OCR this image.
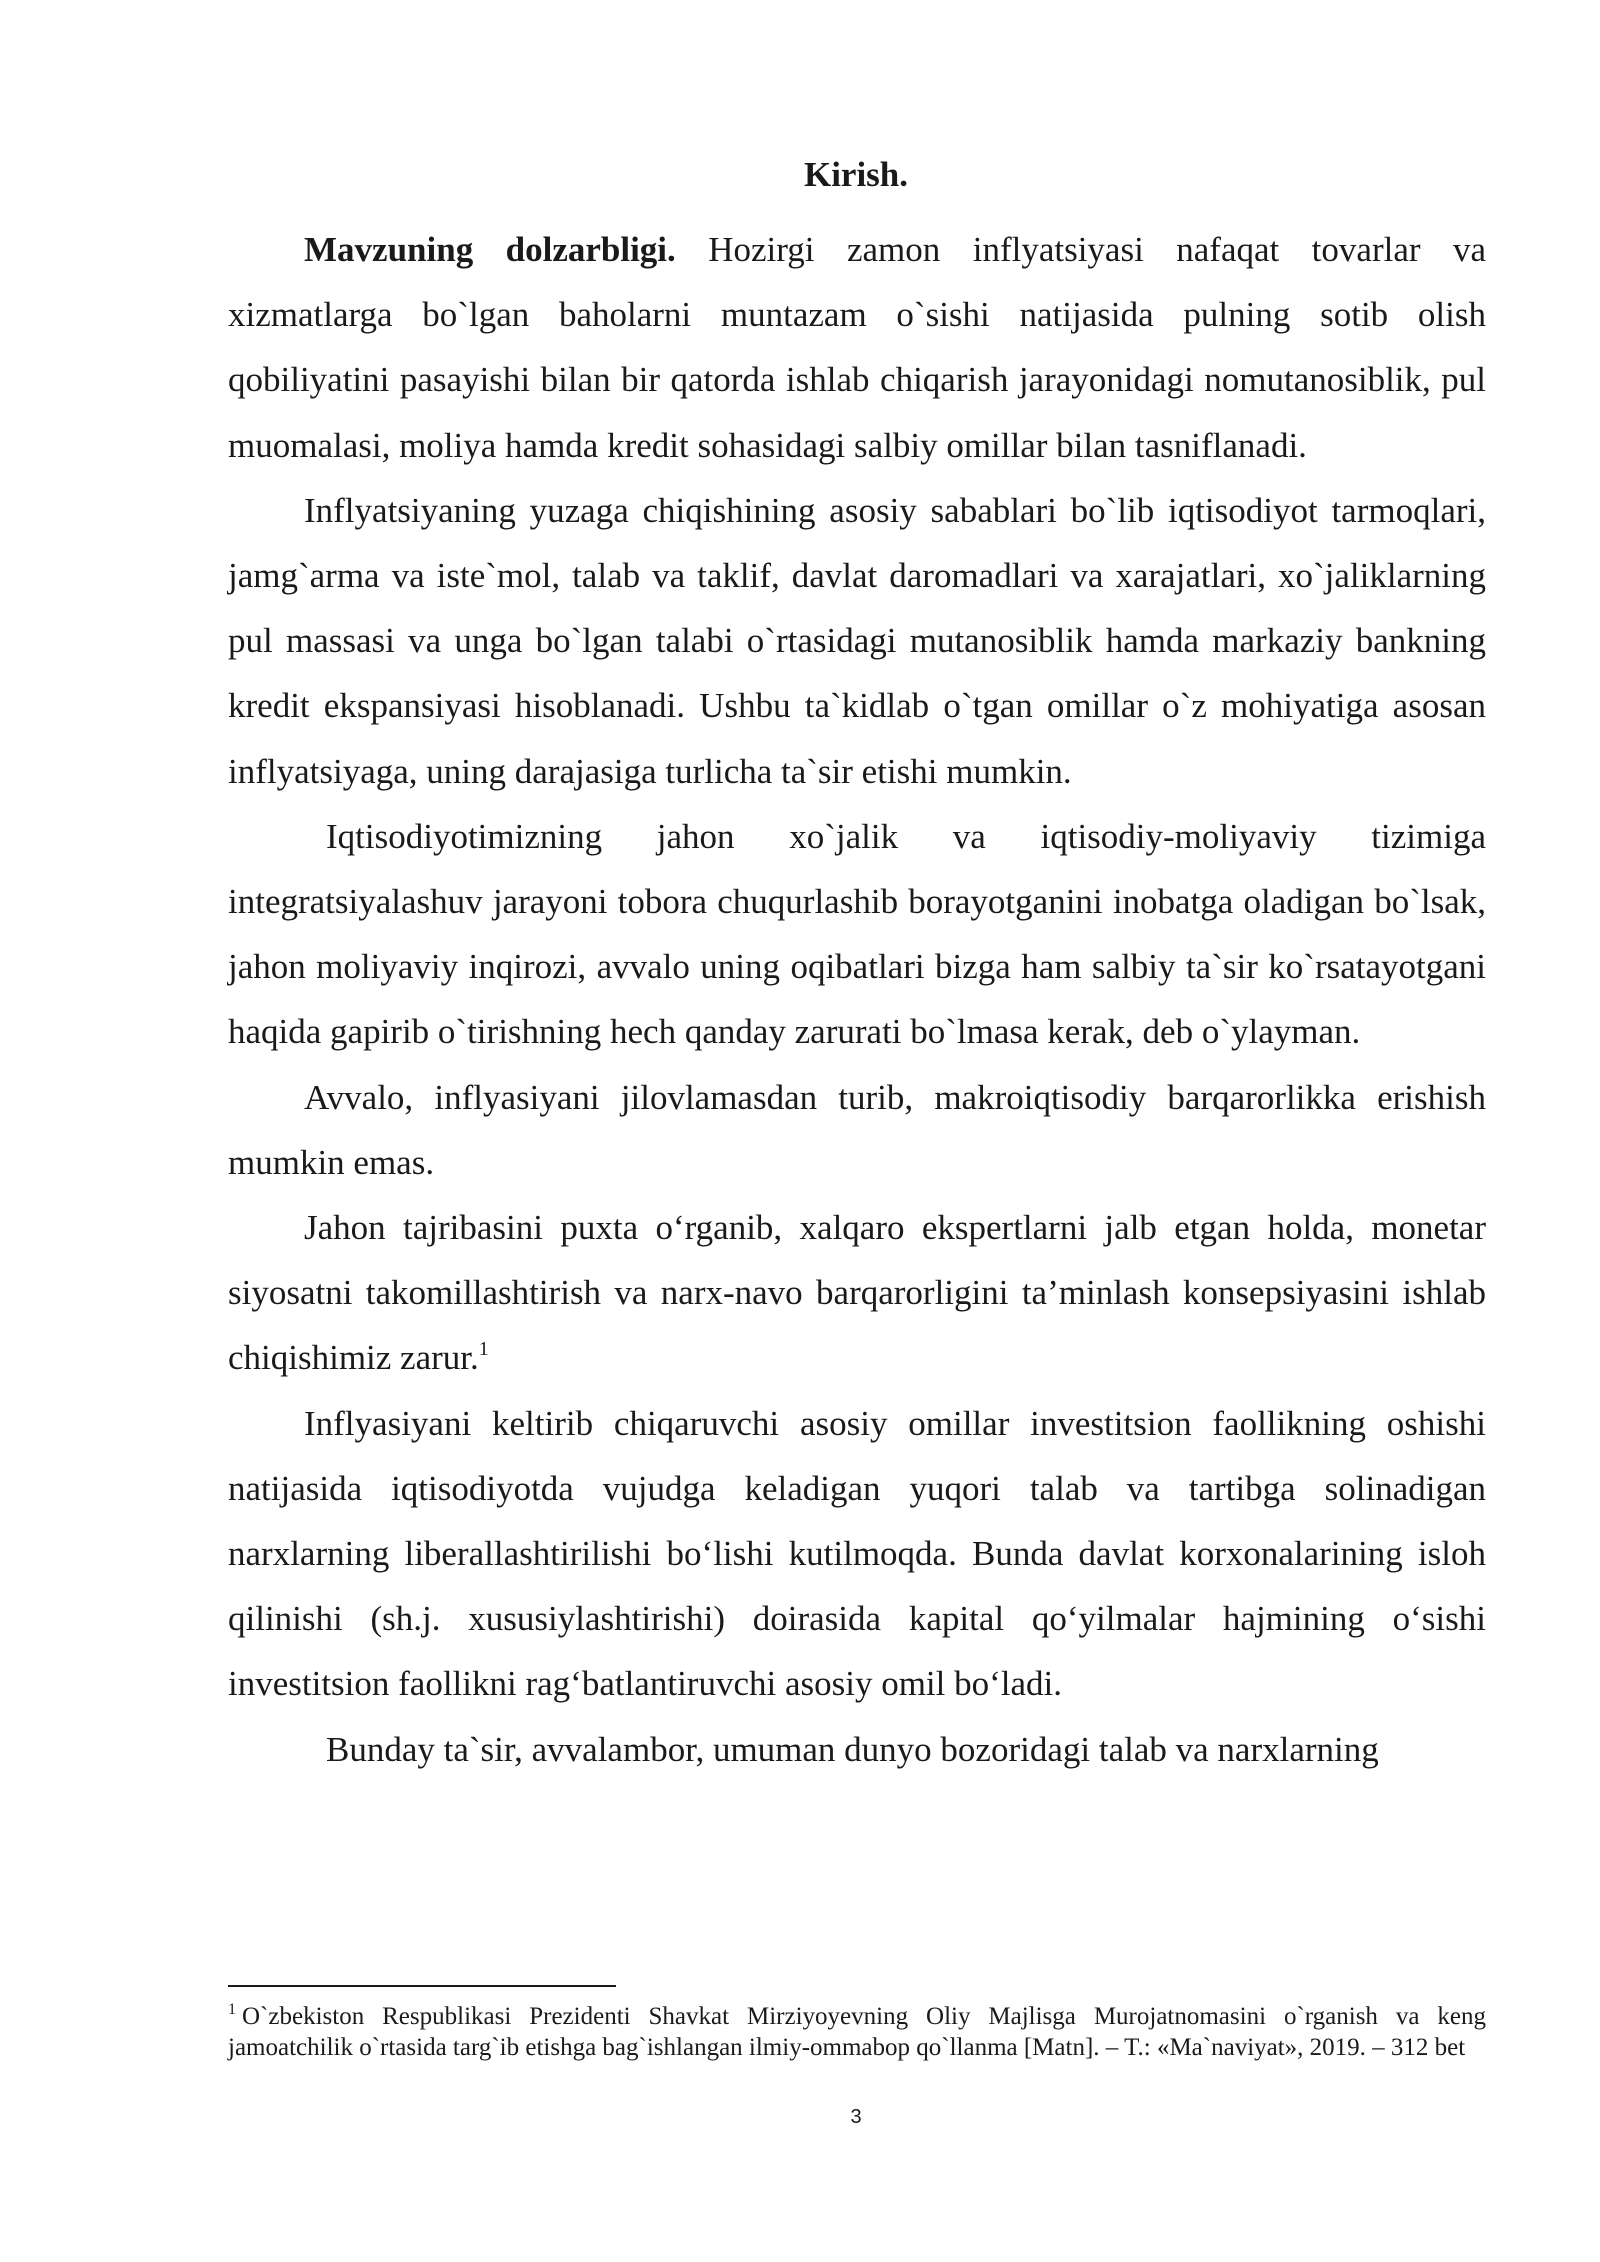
Kirish.

Mavzuning dolzarbligi. Hozirgi zamon inflyatsiyasi nafaqat tovarlar va xizmatlarga bo`lgan baholarni muntazam o`sishi natijasida pulning sotib olish qobiliyatini pasayishi bilan bir qatorda ishlab chiqarish jarayonidagi nomutanosiblik, pul muomalasi, moliya hamda kredit sohasidagi salbiy omillar bilan tasniflanadi.

Inflyatsiyaning yuzaga chiqishining asosiy sabablari bo`lib iqtisodiyot tarmoqlari, jamg`arma va iste`mol, talab va taklif, davlat daromadlari va xarajatlari, xo`jaliklarning pul massasi va unga bo`lgan talabi o`rtasidagi mutanosiblik hamda markaziy bankning kredit ekspansiyasi hisoblanadi. Ushbu ta`kidlab o`tgan omillar o`z mohiyatiga asosan inflyatsiyaga, uning darajasiga turlicha ta`sir etishi mumkin.

Iqtisodiyotimizning jahon xo`jalik va iqtisodiy-moliyaviy tizimiga integratsiyalashuv jarayoni tobora chuqurlashib borayotganini inobatga oladigan bo`lsak, jahon moliyaviy inqirozi, avvalo uning oqibatlari bizga ham salbiy ta`sir ko`rsatayotgani haqida gapirib o`tirishning hech qanday zarurati bo`lmasa kerak, deb o`ylayman.

Avvalo, inflyasiyani jilovlamasdan turib, makroiqtisodiy barqarorlikka erishish mumkin emas.

Jahon tajribasini puxta o‘rganib, xalqaro ekspertlarni jalb etgan holda, monetar siyosatni takomillashtirish va narx-navo barqarorligini ta’minlash konsepsiyasini ishlab chiqishimiz zarur.$^1$

Inflyasiyani keltirib chiqaruvchi asosiy omillar investitsion faollikning oshishi natijasida iqtisodiyotda vujudga keladigan yuqori talab va tartibga solinadigan narxlarning liberallashtirilishi bo‘lishi kutilmoqda. Bunda davlat korxonalarining isloh qilinishi (sh.j. xususiylashtirishi) doirasida kapital qo‘yilmalar hajmining o‘sishi investitsion faollikni rag‘batlantiruvchi asosiy omil bo‘ladi.

Bunday ta`sir, avvalambor, umuman dunyo bozoridagi talab va narxlarning

$^1$ O`zbekiston Respublikasi Prezidenti Shavkat Mirziyoyevning Oliy Majlisga Murojatnomasini o`rganish va keng jamoatchilik o`rtasida targ`ib etishga bag`ishlangan ilmiy-ommabop qo`llanma [Matn]. – T.: «Ma`naviyat», 2019. – 312 bet

3
